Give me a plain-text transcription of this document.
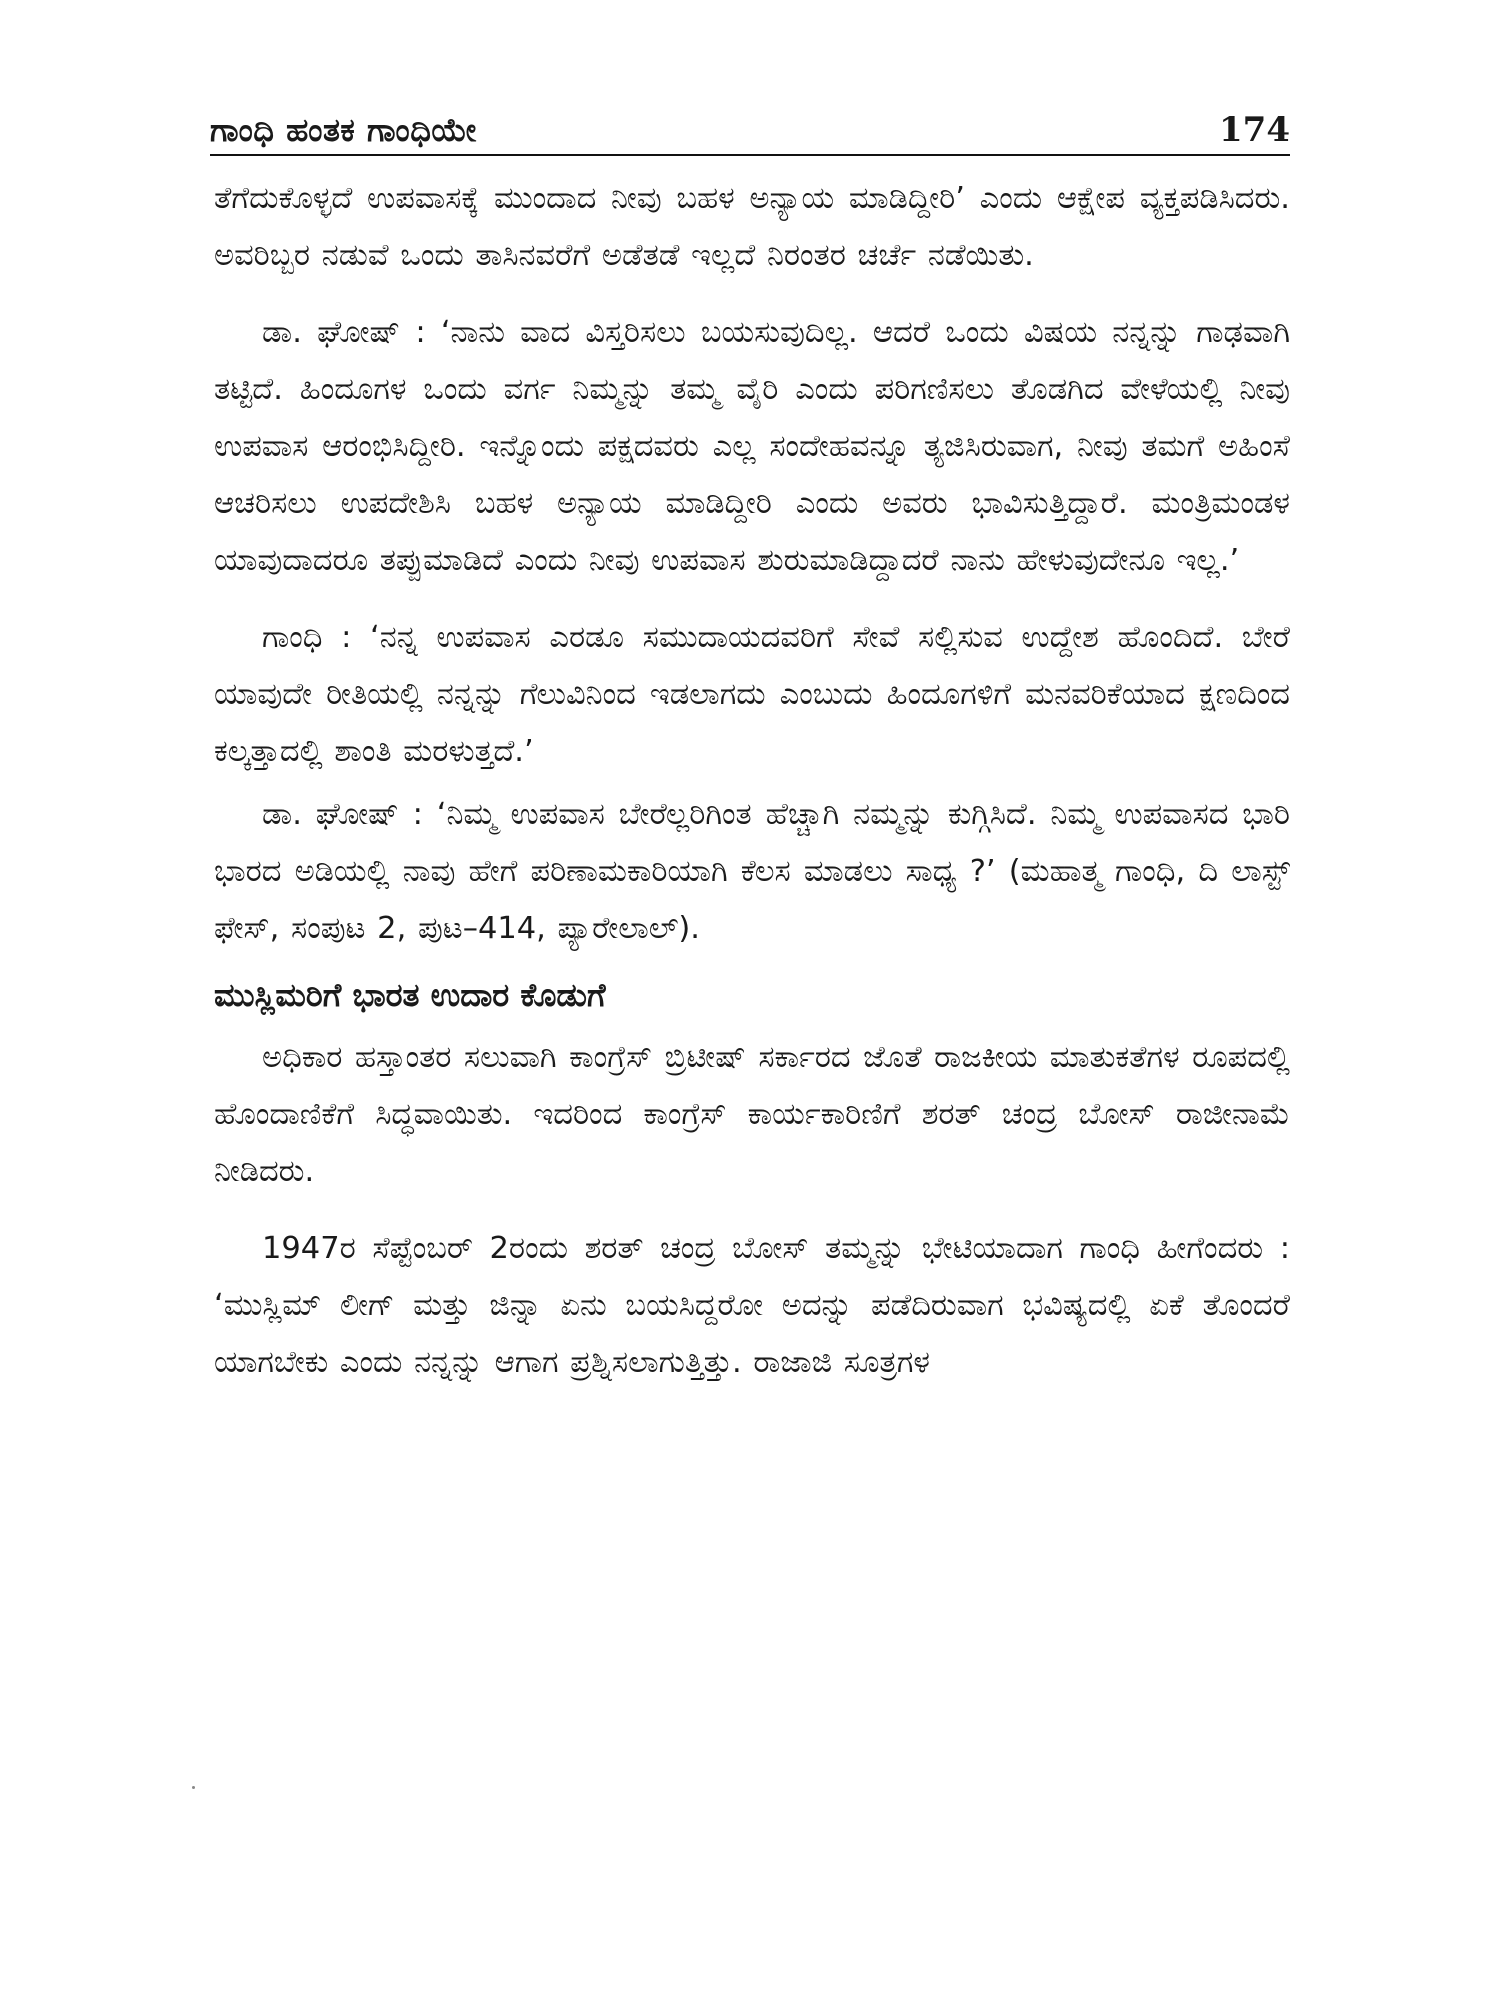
ಗಾಂಧಿ ಹಂತಕ ಗಾಂಧಿಯೇ	174

ತೆಗೆದುಕೊಳ್ಳದೆ ಉಪವಾಸಕ್ಕೆ ಮುಂದಾದ ನೀವು ಬಹಳ ಅನ್ಯಾಯ ಮಾಡಿದ್ದೀರಿ’ ಎಂದು ಆಕ್ಷೇಪ ವ್ಯಕ್ತಪಡಿಸಿದರು. ಅವರಿಬ್ಬರ ನಡುವೆ ಒಂದು ತಾಸಿನವರೆಗೆ ಅಡೆತಡೆ ಇಲ್ಲದೆ ನಿರಂತರ ಚರ್ಚೆ ನಡೆಯಿತು.

ಡಾ. ಘೋಷ್ : ‘ನಾನು ವಾದ ವಿಸ್ತರಿಸಲು ಬಯಸುವುದಿಲ್ಲ. ಆದರೆ ಒಂದು ವಿಷಯ ನನ್ನನ್ನು ಗಾಢವಾಗಿ ತಟ್ಟಿದೆ. ಹಿಂದೂಗಳ ಒಂದು ವರ್ಗ ನಿಮ್ಮನ್ನು ತಮ್ಮ ವೈರಿ ಎಂದು ಪರಿಗಣಿಸಲು ತೊಡಗಿದ ವೇಳೆಯಲ್ಲಿ ನೀವು ಉಪವಾಸ ಆರಂಭಿಸಿದ್ದೀರಿ. ಇನ್ನೊಂದು ಪಕ್ಷದವರು ಎಲ್ಲ ಸಂದೇಹವನ್ನೂ ತ್ಯಜಿಸಿರುವಾಗ, ನೀವು ತಮಗೆ ಅಹಿಂಸೆ ಆಚರಿಸಲು ಉಪದೇಶಿಸಿ ಬಹಳ ಅನ್ಯಾಯ ಮಾಡಿದ್ದೀರಿ ಎಂದು ಅವರು ಭಾವಿಸುತ್ತಿದ್ದಾರೆ. ಮಂತ್ರಿಮಂಡಳ ಯಾವುದಾದರೂ ತಪ್ಪುಮಾಡಿದೆ ಎಂದು ನೀವು ಉಪವಾಸ ಶುರುಮಾಡಿದ್ದಾದರೆ ನಾನು ಹೇಳುವುದೇನೂ ಇಲ್ಲ.’

ಗಾಂಧಿ : ‘ನನ್ನ ಉಪವಾಸ ಎರಡೂ ಸಮುದಾಯದವರಿಗೆ ಸೇವೆ ಸಲ್ಲಿಸುವ ಉದ್ದೇಶ ಹೊಂದಿದೆ. ಬೇರೆ ಯಾವುದೇ ರೀತಿಯಲ್ಲಿ ನನ್ನನ್ನು ಗೆಲುವಿನಿಂದ ಇಡಲಾಗದು ಎಂಬುದು ಹಿಂದೂಗಳಿಗೆ ಮನವರಿಕೆಯಾದ ಕ್ಷಣದಿಂದ ಕಲ್ಕತ್ತಾದಲ್ಲಿ ಶಾಂತಿ ಮರಳುತ್ತದೆ.’

ಡಾ. ಘೋಷ್ : ‘ನಿಮ್ಮ ಉಪವಾಸ ಬೇರೆಲ್ಲರಿಗಿಂತ ಹೆಚ್ಚಾಗಿ ನಮ್ಮನ್ನು ಕುಗ್ಗಿಸಿದೆ. ನಿಮ್ಮ ಉಪವಾಸದ ಭಾರಿ ಭಾರದ ಅಡಿಯಲ್ಲಿ ನಾವು ಹೇಗೆ ಪರಿಣಾಮಕಾರಿಯಾಗಿ ಕೆಲಸ ಮಾಡಲು ಸಾಧ್ಯ ?’ (ಮಹಾತ್ಮ ಗಾಂಧಿ, ದಿ ಲಾಸ್ಟ್ ಫೇಸ್, ಸಂಪುಟ 2, ಪುಟ–414, ಪ್ಯಾರೇಲಾಲ್).

ಮುಸ್ಲಿಮರಿಗೆ ಭಾರತ ಉದಾರ ಕೊಡುಗೆ

ಅಧಿಕಾರ ಹಸ್ತಾಂತರ ಸಲುವಾಗಿ ಕಾಂಗ್ರೆಸ್ ಬ್ರಿಟೀಷ್ ಸರ್ಕಾರದ ಜೊತೆ ರಾಜಕೀಯ ಮಾತುಕತೆಗಳ ರೂಪದಲ್ಲಿ ಹೊಂದಾಣಿಕೆಗೆ ಸಿದ್ಧವಾಯಿತು. ಇದರಿಂದ ಕಾಂಗ್ರೆಸ್ ಕಾರ್ಯಕಾರಿಣಿಗೆ ಶರತ್ ಚಂದ್ರ ಬೋಸ್ ರಾಜೀನಾಮೆ ನೀಡಿದರು.

1947ರ ಸೆಪ್ಟೆಂಬರ್ 2ರಂದು ಶರತ್ ಚಂದ್ರ ಬೋಸ್ ತಮ್ಮನ್ನು ಭೇಟಿಯಾದಾಗ ಗಾಂಧಿ ಹೀಗೆಂದರು : ‘ಮುಸ್ಲಿಮ್ ಲೀಗ್ ಮತ್ತು ಜಿನ್ನಾ ಏನು ಬಯಸಿದ್ದರೋ ಅದನ್ನು ಪಡೆದಿರುವಾಗ ಭವಿಷ್ಯದಲ್ಲಿ ಏಕೆ ತೊಂದರೆ ಯಾಗಬೇಕು ಎಂದು ನನ್ನನ್ನು ಆಗಾಗ ಪ್ರಶ್ನಿಸಲಾಗುತ್ತಿತ್ತು. ರಾಜಾಜಿ ಸೂತ್ರಗಳ
